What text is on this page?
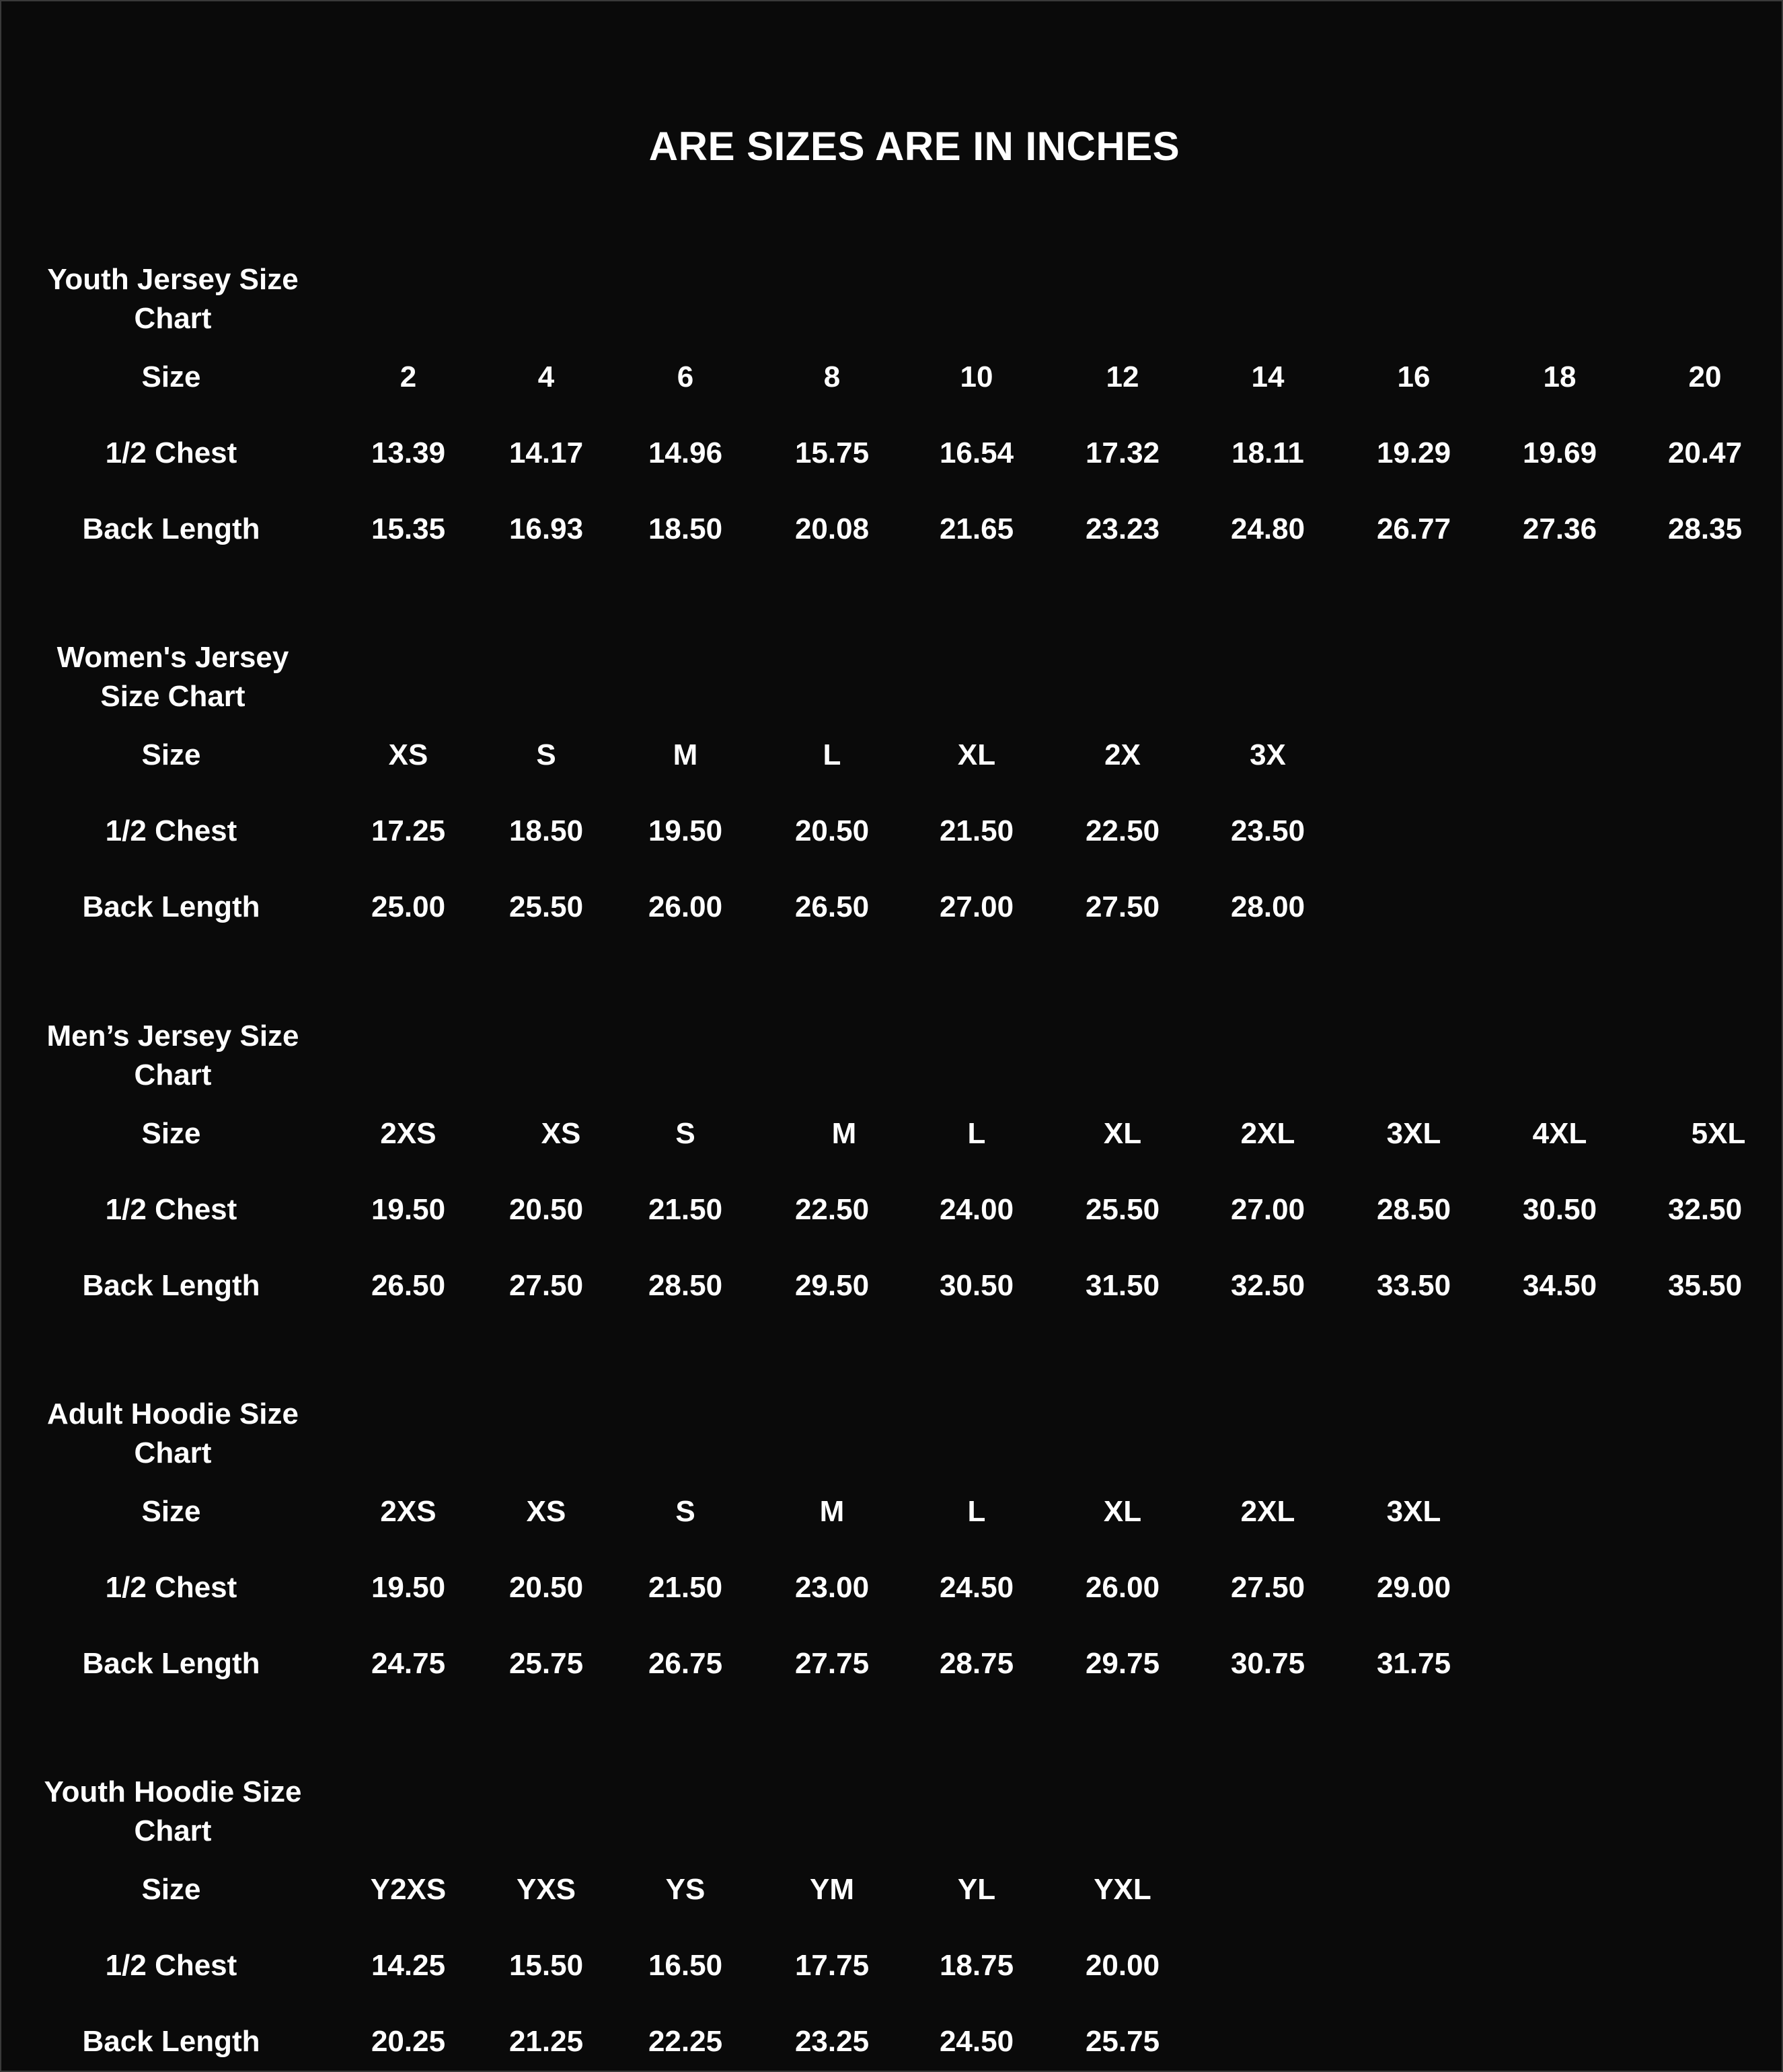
ARE SIZES ARE IN INCHES
Youth Jersey Size
Chart
Size	2	4	6	8	10	12	14	16	18	20
1/2 Chest	13.39	14.17	14.96	15.75	16.54	17.32	18.11	19.29	19.69	20.47
Back Length	15.35	16.93	18.50	20.08	21.65	23.23	24.80	26.77	27.36	28.35
Women's Jersey
Size Chart
Size	XS	S	M	L	XL	2X	3X
1/2 Chest	17.25	18.50	19.50	20.50	21.50	22.50	23.50
Back Length	25.00	25.50	26.00	26.50	27.00	27.50	28.00
Men’s Jersey Size
Chart
Size	2XS	XS	S	M	L	XL	2XL	3XL	4XL	5XL
1/2 Chest	19.50	20.50	21.50	22.50	24.00	25.50	27.00	28.50	30.50	32.50
Back Length	26.50	27.50	28.50	29.50	30.50	31.50	32.50	33.50	34.50	35.50
Adult Hoodie Size
Chart
Size	2XS	XS	S	M	L	XL	2XL	3XL
1/2 Chest	19.50	20.50	21.50	23.00	24.50	26.00	27.50	29.00
Back Length	24.75	25.75	26.75	27.75	28.75	29.75	30.75	31.75
Youth Hoodie Size
Chart
Size	Y2XS	YXS	YS	YM	YL	YXL
1/2 Chest	14.25	15.50	16.50	17.75	18.75	20.00
Back Length	20.25	21.25	22.25	23.25	24.50	25.75
